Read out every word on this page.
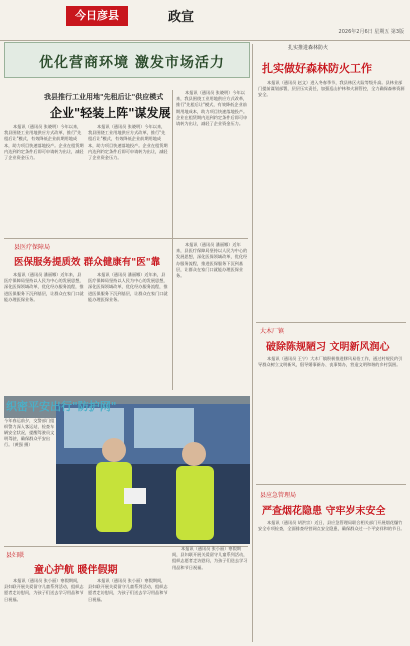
今日彦县	政宣
2026年2月6日 星期五 第3版
优化营商环境 激发市场活力
我县推行工业用地"先租后让"供应模式
企业"轻装上阵"谋发展

本报讯（通讯员 张晓明）今年以来，我县围绕工业用地供应方式改革，推行"先租后让"模式，有效降低企业前期用地成本，助力项目快速落地投产。企业在租赁期内达到约定条件后即可申请转为出让，减轻了企业资金压力。

本报讯（通讯员 张晓明）今年以来，我县围绕工业用地供应方式改革，推行"先租后让"模式，有效降低企业前期用地成本，助力项目快速落地投产。企业在租赁期内达到约定条件后即可申请转为出让，减轻了企业资金压力。

本报讯（通讯员 张晓明）今年以来，我县围绕工业用地供应方式改革，推行"先租后让"模式，有效降低企业前期用地成本，助力项目快速落地投产。企业在租赁期内达到约定条件后即可申请转为出让，减轻了企业资金压力。

县医疗保障局
医保服务提质效 群众健康有"医"靠

本报讯（通讯员 潘丽娜）近年来，县医疗保障局坚持以人民为中心的发展思想，深化医保领域改革，优化经办服务流程，推进医保服务下沉到基层，让群众在家门口就能办理医保业务。

本报讯（通讯员 潘丽娜）近年来，县医疗保障局坚持以人民为中心的发展思想，深化医保领域改革，优化经办服务流程，推进医保服务下沉到基层，让群众在家门口就能办理医保业务。

本报讯（通讯员 潘丽娜）近年来，县医疗保障局坚持以人民为中心的发展思想，深化医保领域改革，优化经办服务流程，推进医保服务下沉到基层，让群众在家门口就能办理医保业务。

织密平安出行"防护网"

今年春运前夕，交警部门组织警力深入客运站，检查车辆安全状况，提醒驾驶员文明驾驶，确保群众平安出行。（黄强 摄）

县妇联
童心护航 暖伴假期

本报讯（通讯员 张小丽）寒假期间，县妇联开展关爱留守儿童系列活动，组织志愿者走访慰问，为孩子们送去学习用品和节日祝福。

本报讯（通讯员 张小丽）寒假期间，县妇联开展关爱留守儿童系列活动，组织志愿者走访慰问，为孩子们送去学习用品和节日祝福。

本报讯（通讯员 张小丽）寒假期间，县妇联开展关爱留守儿童系列活动，组织志愿者走访慰问，为孩子们送去学习用品和节日祝福。

扎实推进森林防火
扎实做好森林防火工作

本报讯（通讯员 赵文）进入冬春季节，我县林区火险等级升高。县林业部门提前谋划部署，层层压实责任，加强巡山护林和火源管控，全力确保森林资源安全。

大木厂镇
破除陈规陋习 文明新风润心

本报讯（通讯员 王宁）大木厂镇积极推进移风易俗工作，通过村规民约引导群众树立文明新风，倡导婚事新办、丧事简办，营造文明和谐的乡村氛围。

县应急管理局
严查烟花隐患 守牢岁末安全

本报讯（通讯员 胡洪宗）近日，县应急管理局联合相关部门开展烟花爆竹安全专项检查，全面排查经营网点安全隐患，确保群众过一个平安祥和的节日。
